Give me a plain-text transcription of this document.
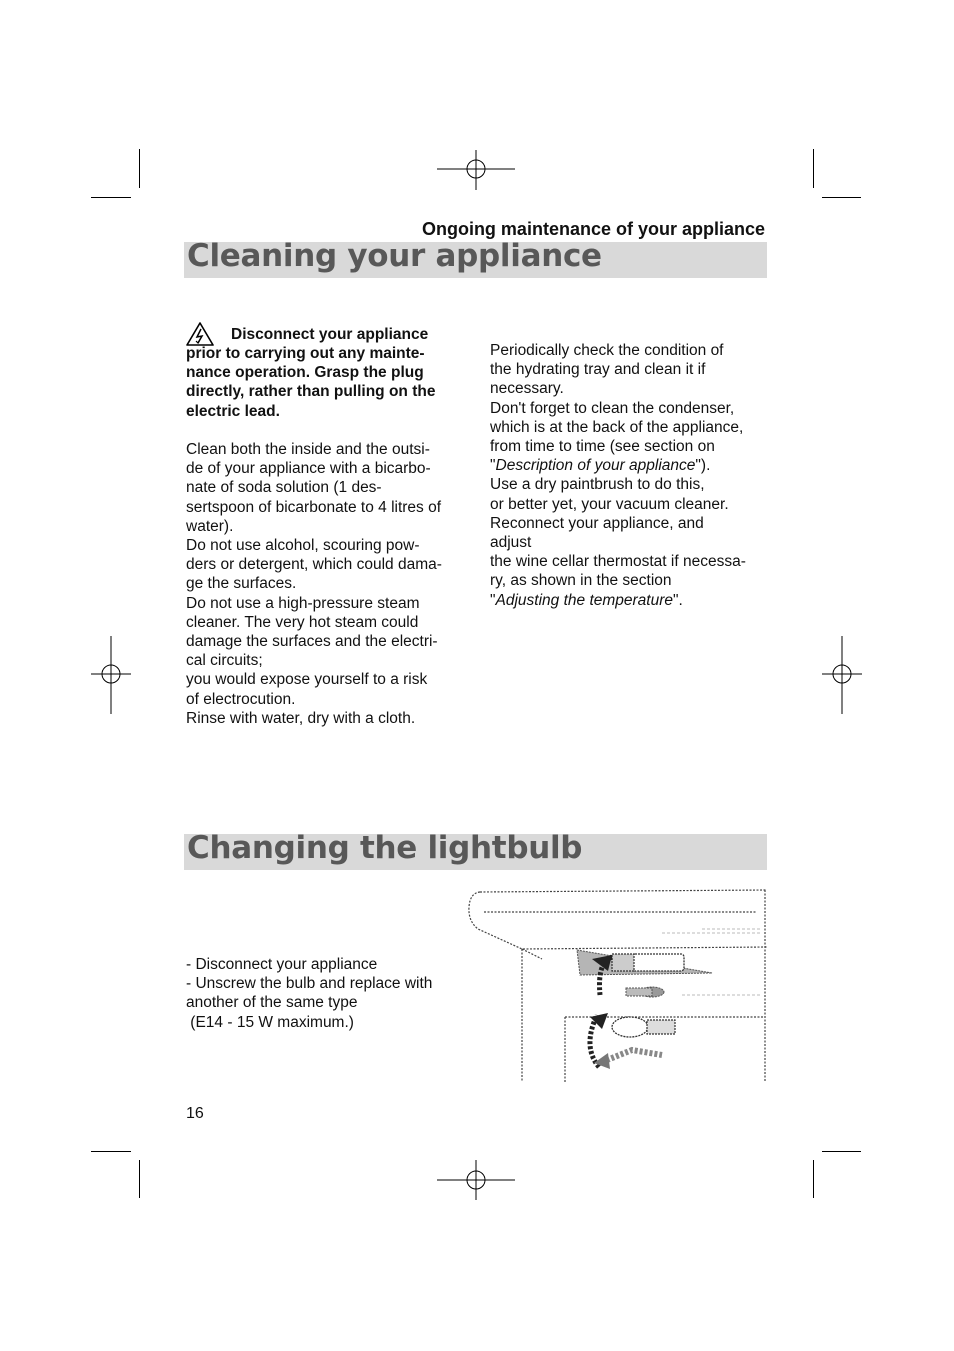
Ongoing maintenance of your appliance
Cleaning your appliance

Disconnect your appliance

prior to carrying out any mainte-

nance operation. Grasp the plug

directly, rather than pulling on the

electric lead.

Clean both the inside and the outsi-

de of your appliance with a bicarbo-

nate of soda solution (1 des-

sertspoon of bicarbonate to 4 litres of

water).

Do not use alcohol, scouring pow-

ders or detergent, which could dama-

ge the surfaces.

Do not use a high-pressure steam

cleaner. The very hot steam could

damage the surfaces and the electri-

cal circuits;

you would expose yourself to a risk

of electrocution.

Rinse with water, dry with a cloth.

Periodically check the condition of

the hydrating tray and clean it if

necessary.

Don't forget to clean the condenser,

which is at the back of the appliance,

from time to time (see section on

"Description of your appliance").

Use a dry paintbrush to do this,

or better yet, your vacuum cleaner.

Reconnect your appliance, and

adjust

the wine cellar thermostat if necessa-

ry, as shown in the section

"Adjusting the temperature".

Changing the lightbulb

- Disconnect your appliance

- Unscrew the bulb and replace with

another of the same type

(E14 - 15 W maximum.)

16
